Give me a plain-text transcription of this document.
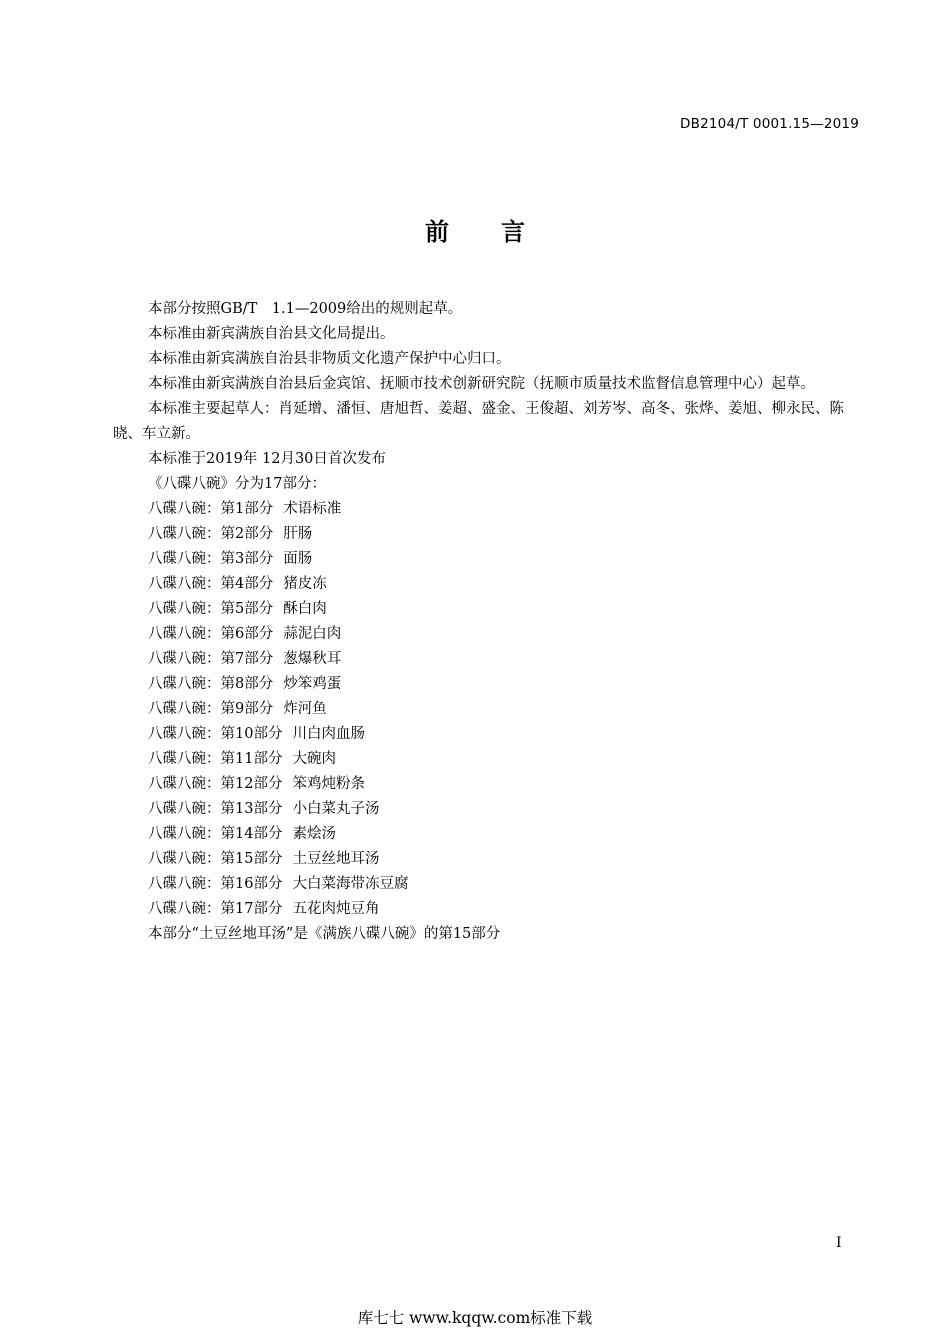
DB2104/T 0001.15—2019
前言

本部分按照GB/T　1.1—2009给出的规则起草。

本标准由新宾满族自治县文化局提出。

本标准由新宾满族自治县非物质文化遗产保护中心归口。

本标准由新宾满族自治县后金宾馆、抚顺市技术创新研究院（抚顺市质量技术监督信息管理中心）起草。

本标准主要起草人：肖延增、潘恒、唐旭哲、姜超、盛金、王俊超、刘芳岑、高冬、张烨、姜旭、柳永民、陈晓、车立新。

本标准于2019年 12月30日首次发布

《八碟八碗》分为17部分：

八碟八碗：第1部分 术语标准

八碟八碗：第2部分 肝肠

八碟八碗：第3部分 面肠

八碟八碗：第4部分 猪皮冻

八碟八碗：第5部分 酥白肉

八碟八碗：第6部分 蒜泥白肉

八碟八碗：第7部分 葱爆秋耳

八碟八碗：第8部分 炒笨鸡蛋

八碟八碗：第9部分 炸河鱼

八碟八碗：第10部分 川白肉血肠

八碟八碗：第11部分 大碗肉

八碟八碗：第12部分 笨鸡炖粉条

八碟八碗：第13部分 小白菜丸子汤

八碟八碗：第14部分 素烩汤

八碟八碗：第15部分 土豆丝地耳汤

八碟八碗：第16部分 大白菜海带冻豆腐

八碟八碗：第17部分 五花肉炖豆角

本部分“土豆丝地耳汤”是《满族八碟八碗》的第15部分

I
库七七 www.kqqw.com标准下载
